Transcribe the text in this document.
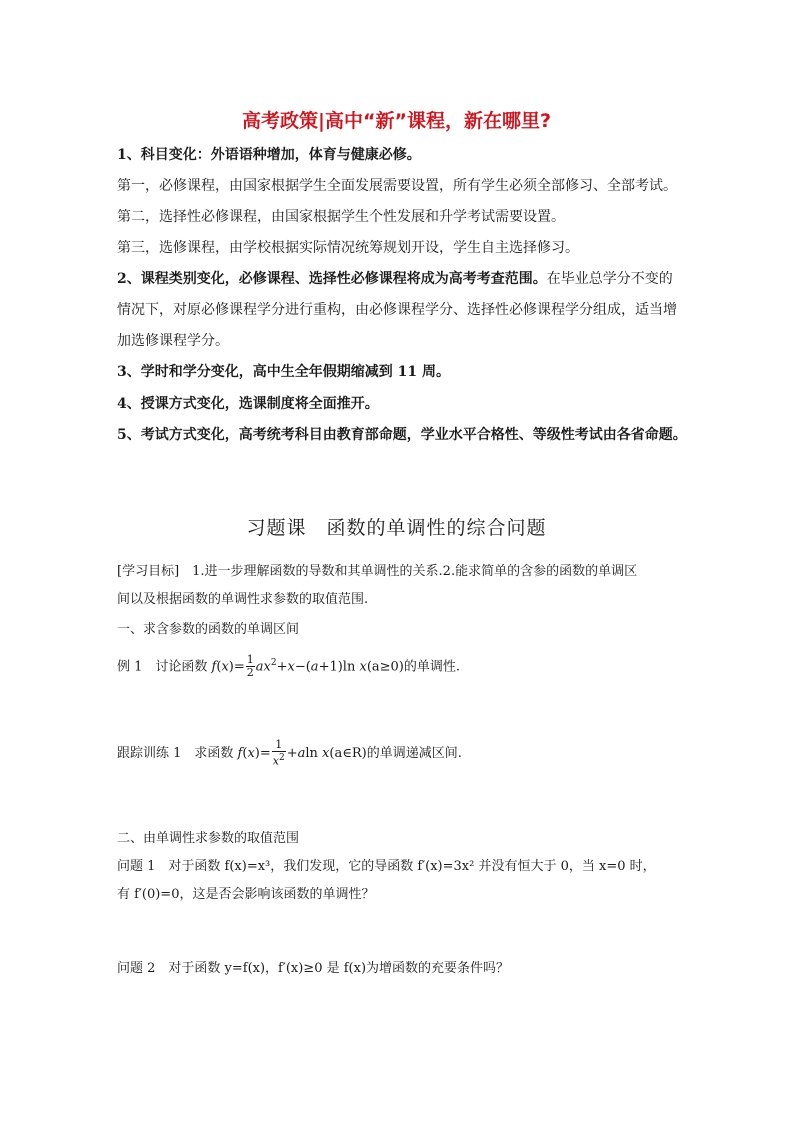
高考政策|高中“新”课程，新在哪里?
1、科目变化：外语语种增加，体育与健康必修。
第一，必修课程，由国家根据学生全面发展需要设置，所有学生必须全部修习、全部考试。
第二，选择性必修课程，由国家根据学生个性发展和升学考试需要设置。
第三，选修课程，由学校根据实际情况统筹规划开设，学生自主选择修习。
2、课程类别变化，必修课程、选择性必修课程将成为高考考查范围。在毕业总学分不变的
情况下，对原必修课程学分进行重构，由必修课程学分、选择性必修课程学分组成，适当增
加选修课程学分。
3、学时和学分变化，高中生全年假期缩减到 11 周。
4、授课方式变化，选课制度将全面推开。
5、考试方式变化，高考统考科目由教育部命题，学业水平合格性、等级性考试由各省命题。
习题课　函数的单调性的综合问题
[学习目标]　1.进一步理解函数的导数和其单调性的关系.2.能求简单的含参的函数的单调区
间以及根据函数的单调性求参数的取值范围.
一、求含参数的函数的单调区间
例 1　讨论函数 $f(x)= \frac{1}{2} ax^2+x-(a+1)\ln$ x(a≥0)的单调性.
跟踪训练 1　求函数 $f(x)= \frac{1}{x^2} +aln$ x(a∈R)的单调递减区间.
二、由单调性求参数的取值范围
问题 1　对于函数 f(x)=x³，我们发现，它的导函数 f′(x)=3x² 并没有恒大于 0，当 x=0 时，
有 f′(0)=0，这是否会影响该函数的单调性？
问题 2　对于函数 y=f(x)，f′(x)≥0 是 f(x)为增函数的充要条件吗？
